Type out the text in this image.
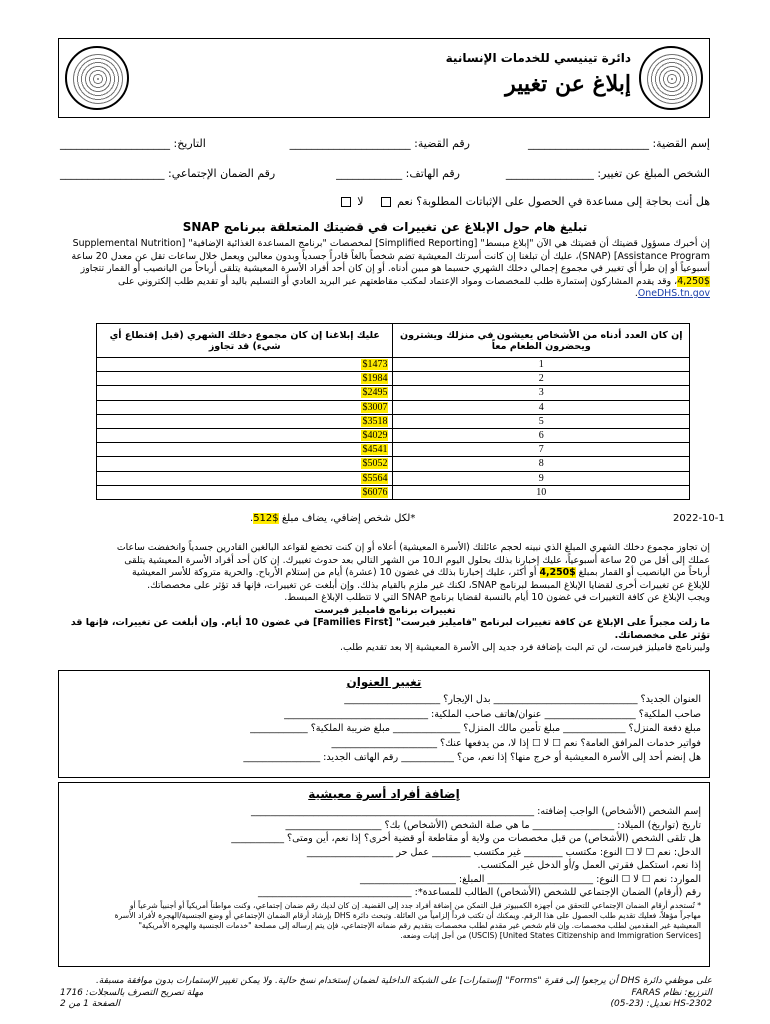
دائرة تينيسي للخدمات الإنسانية
إبلاغ عن تغيير
إسم القضية: ______________________
رقم القضية: ______________________
التاريخ: ____________________
الشخص المبلغ عن تغيير: ________________
رقم الهاتف: ____________
رقم الضمان الإجتماعي: ___________________
هل أنت بحاجة إلى مساعدة في الحصول على الإثباتات المطلوبة؟ نعم     لا
تبليغ هام حول الإبلاغ عن تغييرات في قضيتك المتعلقة ببرنامج SNAP
إن أخبرك مسؤول قضيتك أن قضيتك هي الآن "إبلاغ مبسط" [Simplified Reporting] لمخصصات "برنامج المساعدة الغذائية الإضافية" [Supplemental Nutrition Assistance Program] (SNAP)، عليك أن تبلغنا إن كانت أسرتك المعيشية تضم شخصاً بالغاً قادراً جسدياً وبدون معالين ويعمل خلال ساعات تقل عن معدل 20 ساعة أسبوعياً أو إن طرأ أي تغيير في مجموع إجمالي دخلك الشهري حسبما هو مبين أدناه. أو إن كان أحد أفراد الأسرة المعيشية يتلقى أرباحاً من اليانصيب أو القمار تتجاوز $4,250، وقد يقدم المشاركون إستمارة طلب للمخصصات ومواد الإعتماد لمكتب مقاطعتهم عبر البريد العادي أو التسليم باليد أو تقديم طلب إلكتروني على OneDHS.tn.gov.
عليك إبلاغنا إن كان مجموع دخلك الشهري (قبل إقتطاع أي شيء) قد تجاوز	إن كان العدد أدناه من الأشخاص يعيشون في منزلك ويشترون ويحضرون الطعام معاً
$1473	1
$1984	2
$2495	3
$3007	4
$3518	5
$4029	6
$4541	7
$5052	8
$5564	9
$6076	10
2022-10-1
*لكل شخص إضافي، يضاف مبلغ $512.
إن تجاوز مجموع دخلك الشهري المبلغ الذي نبينه لحجم عائلتك (الأسرة المعيشية) أعلاه أو إن كنت تخضع لقواعد البالغين القادرين جسدياً وانخفضت ساعات
عملك إلى أقل من 20 ساعة أسبوعياً، عليك إخبارنا بذلك بحلول اليوم الـ10 من الشهر التالي بعد حدوث تغييرك. إن كان أحد أفراد الأسرة المعيشية يتلقى
أرباحاً من اليانصيب أو القمار بمبلغ $4,250 أو أكثر، عليك إخبارنا بذلك في غضون 10 (عشرة) أيام من إستلام الأرباح. والحرية متروكة للأسر المعيشية
للإبلاغ عن تغييرات أخرى لقضايا الإبلاغ المبسط لبرنامج SNAP، لكنك غير ملزم بالقيام بذلك. وإن أبلغت عن تغييرات، فإنها قد تؤثر على مخصصاتك.
ويجب الإبلاغ عن كافة التغييرات في غضون 10 أيام بالنسبة لقضايا برنامج SNAP التي لا تتطلب الإبلاغ المبسط.
تغييرات برنامج فاميليز فيرست
ما زلت مجبراً على الإبلاغ عن كافة تغييرات لبرنامج "فاميليز فيرست" [Families First] في غضون 10 أيام. وإن أبلغت عن تغييرات، فإنها قد تؤثر على مخصصاتك.
وليبرنامج فاميليز فيرست، لن تم البت بإضافة فرد جديد إلى الأسرة المعيشية إلا بعد تقديم طلب.
تغيير العنوان
العنوان الجديد؟ ______________________________ بدل الإيجار؟ ____________________
صاحب الملكية؟ ___________________ عنوان/هاتف صاحب الملكية: ______________________________
مبلغ دفعة المنزل؟ _____________ مبلغ تأمين مالك المنزل؟ ______________ مبلغ ضريبة الملكية؟ ____________
فواتير خدمات المرافق العامة؟ نعم ☐ لا ☐ إذا لا، من يدفعها عنك؟ ______________________
هل إنضم أحد إلى الأسرة المعيشية أو خرج منها؟ إذا نعم، من؟ ___________ رقم الهاتف الجديد: ________________
إضافة أفراد أسرة معيشية
إسم الشخص (الأشخاص) الواجب إضافته: ___________________________________________________________
تاريخ (تواريخ) الميلاد: _________________ ما هي صلة الشخص (الأشخاص) بك؟ ____________________
هل تلقى الشخص (الأشخاص) من قبل مخصصات من ولاية أو مقاطعة أو قضية أخرى؟ إذا نعم، أين ومتى؟ ___________
الدخل: نعم ☐ لا ☐ النوع: مكتسب ________ غير مكتسب ________ عمل حر __________________
إذا نعم، استكمل فقرتي العمل و/أو الدخل غير المكتسب.
الموارد: نعم ☐ لا ☐ النوع: ______________________ المبلغ: ____________________
رقم (أرقام) الضمان الإجتماعي للشخص (الأشخاص) الطالب للمساعدة*: ________________________________
* تُستخدم أرقام الضمان الإجتماعي للتحقق من أجهزة الكمبيوتر قبل التمكن من إضافة أفراد جدد إلى القضية. إن كان لديك رقم ضمان إجتماعي، وكنت مواطناً أمريكياً أو أجنبياً شرعياً أو
مهاجراً مؤهلاً، فعليك تقديم طلب الحصول على هذا الرقم. ويمكنك أن تكتب فرداً إلزامياً من العائلة. وتبحث دائرة DHS بإرشاد أرقام الضمان الإجتماعي أو وضع الجنسية/الهجرة لأفراد الأسرة
المعيشية غير المقدمين لطلب مخصصات. وإن قام شخص غير مقدم لطلب مخصصات بتقديم رقم ضمانه الإجتماعي، فإن يتم إرساله إلى مصلحة "خدمات الجنسية والهجرة الأمريكية"
[United States Citizenship and Immigration Services] (USCIS) من أجل إثبات وضعه.
على موظفي دائرة DHS أن يرجعوا إلى فقرة "Forms" [إستمارات] على الشبكة الداخلية لضمان إستخدام نسخ حالية. ولا يمكن تغيير الإستمارات بدون موافقة مسبقة.
الترزيع: نظام FARAS
HS-2302 تعديل: (23-05)
مهلة تصريح التصرف بالسجلات: 1716
الصفحة 1 من 2
